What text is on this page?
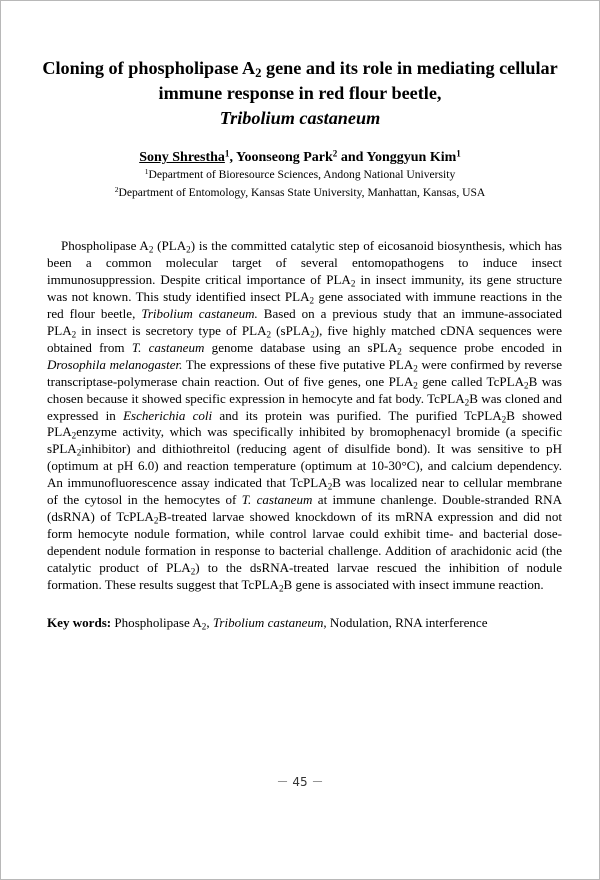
Cloning of phospholipase $A_2$ gene and its role in mediating cellular
immune response in red flour beetle,
Tribolium castaneum
Sony Shrestha$^1$, Yoonseong Park$^2$ and Yonggyun Kim$^1$
$^1$Department of Bioresource Sciences, Andong National University
$^2$Department of Entomology, Kansas State University, Manhattan, Kansas, USA

Phospholipase $A_2$ $(PLA_2)$ is the committed catalytic step of eicosanoid biosynthesis, which has been a common molecular target of several entomopathogens to induce insect immunosuppression. Despite critical importance of $PLA_2$ in insect immunity, its gene structure was not known. This study identified insect $PLA_2$ gene associated with immune reactions in the red flour beetle, Tribolium castaneum. Based on a previous study that an immune-associated $PLA_2$ in insect is secretory type of $PLA_2$ (sPLA$_2$), five highly matched cDNA sequences were obtained from T. castaneum genome database using an sPLA$_2$ sequence probe encoded in Drosophila melanogaster. The expressions of these five putative $PLA_2$ were confirmed by reverse transcriptase-polymerase chain reaction. Out of five genes, one $PLA_2$ gene called TcPLA$_2$B was chosen because it showed specific expression in hemocyte and fat body. TcPLA$_2$B was cloned and expressed in Escherichia coli and its protein was purified. The purified TcPLA$_2$B showed $PLA_2enzyme$ activity, which was specifically inhibited by bromophenacyl bromide (a specific sPLA$_2$inhibitor) and dithiothreitol (reducing agent of disulfide bond). It was sensitive to pH (optimum at pH 6.0) and reaction temperature (optimum at 10-30°C), and calcium dependency. An immunofluorescence assay indicated that TcPLA$_2$B was localized near to cellular membrane of the cytosol in the hemocytes of T. castaneum at immune chanlenge. Double-stranded RNA (dsRNA) of TcPLA$_2$B-treated larvae showed knockdown of its mRNA expression and did not form hemocyte nodule formation, while control larvae could exhibit time- and bacterial dose-dependent nodule formation in response to bacterial challenge. Addition of arachidonic acid (the catalytic product of $PLA_2$) to the dsRNA-treated larvae rescued the inhibition of nodule formation. These results suggest that TcPLA$_2$B gene is associated with insect immune reaction.

Key words: Phospholipase $A_2$, Tribolium castaneum, Nodulation, RNA interference

－ 45 －
